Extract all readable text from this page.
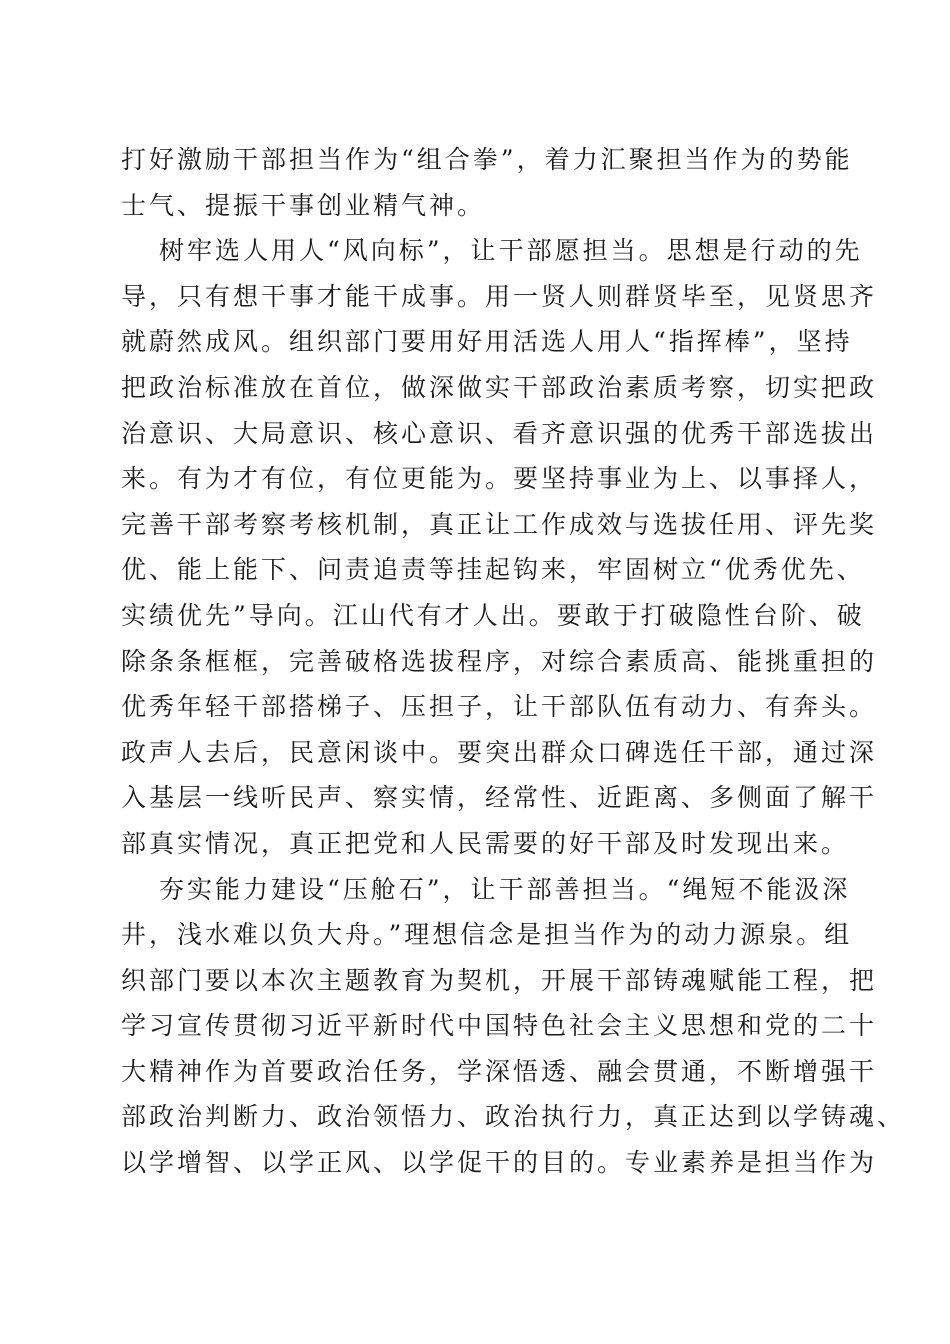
打好激励干部担当作为“组合拳”，着力汇聚担当作为的势能
士气、提振干事创业精气神。
树牢选人用人“风向标”，让干部愿担当。思想是行动的先
导，只有想干事才能干成事。用一贤人则群贤毕至，见贤思齐
就蔚然成风。组织部门要用好用活选人用人“指挥棒”，坚持
把政治标准放在首位，做深做实干部政治素质考察，切实把政
治意识、大局意识、核心意识、看齐意识强的优秀干部选拔出
来。有为才有位，有位更能为。要坚持事业为上、以事择人，
完善干部考察考核机制，真正让工作成效与选拔任用、评先奖
优、能上能下、问责追责等挂起钩来，牢固树立“优秀优先、
实绩优先”导向。江山代有才人出。要敢于打破隐性台阶、破
除条条框框，完善破格选拔程序，对综合素质高、能挑重担的
优秀年轻干部搭梯子、压担子，让干部队伍有动力、有奔头。
政声人去后，民意闲谈中。要突出群众口碑选任干部，通过深
入基层一线听民声、察实情，经常性、近距离、多侧面了解干
部真实情况，真正把党和人民需要的好干部及时发现出来。
夯实能力建设“压舱石”，让干部善担当。“绳短不能汲深
井，浅水难以负大舟。”理想信念是担当作为的动力源泉。组
织部门要以本次主题教育为契机，开展干部铸魂赋能工程，把
学习宣传贯彻习近平新时代中国特色社会主义思想和党的二十
大精神作为首要政治任务，学深悟透、融会贯通，不断增强干
部政治判断力、政治领悟力、政治执行力，真正达到以学铸魂、
以学增智、以学正风、以学促干的目的。专业素养是担当作为
